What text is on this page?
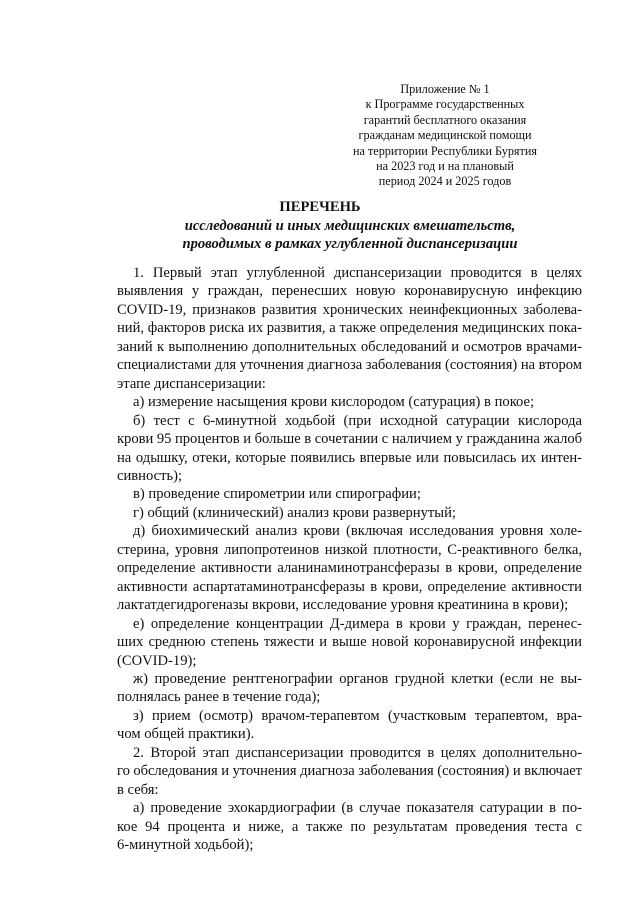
Приложение № 1
к Программе государственных
гарантий бесплатного оказания
гражданам медицинской помощи
на территории Республики Бурятия
на 2023 год и на плановый
период 2024 и 2025 годов
ПЕРЕЧЕНЬ
исследований и иных медицинских вмешательств,
проводимых в рамках углубленной диспансеризации
1. Первый этап углубленной диспансеризации проводится в целях
выявления у граждан, перенесших новую коронавирусную инфекцию
COVID-19, признаков развития хронических неинфекционных заболева-
ний, факторов риска их развития, а также определения медицинских пока-
заний к выполнению дополнительных обследований и осмотров врачами-
специалистами для уточнения диагноза заболевания (состояния) на втором
этапе диспансеризации:
а) измерение насыщения крови кислородом (сатурация) в покое;
б) тест с 6-минутной ходьбой (при исходной сатурации кислорода
крови 95 процентов и больше в сочетании с наличием у гражданина жалоб
на одышку, отеки, которые появились впервые или повысилась их интен-
сивность);
в) проведение спирометрии или спирографии;
г) общий (клинический) анализ крови развернутый;
д) биохимический анализ крови (включая исследования уровня холе-
стерина, уровня липопротеинов низкой плотности, С-реактивного белка,
определение активности аланинаминотрансферазы в крови, определение
активности аспартатаминотрансферазы в крови, определение активности
лактатдегидрогеназы вкрови, исследование уровня креатинина в крови);
е) определение концентрации Д-димера в крови у граждан, перенес-
ших среднюю степень тяжести и выше новой коронавирусной инфекции
(COVID-19);
ж) проведение рентгенографии органов грудной клетки (если не вы-
полнялась ранее в течение года);
з) прием (осмотр) врачом-терапевтом (участковым терапевтом, вра-
чом общей практики).
2. Второй этап диспансеризации проводится в целях дополнительно-
го обследования и уточнения диагноза заболевания (состояния) и включает
в себя:
а) проведение эхокардиографии (в случае показателя сатурации в по-
кое 94 процента и ниже, а также по результатам проведения теста с
6-минутной ходьбой);
